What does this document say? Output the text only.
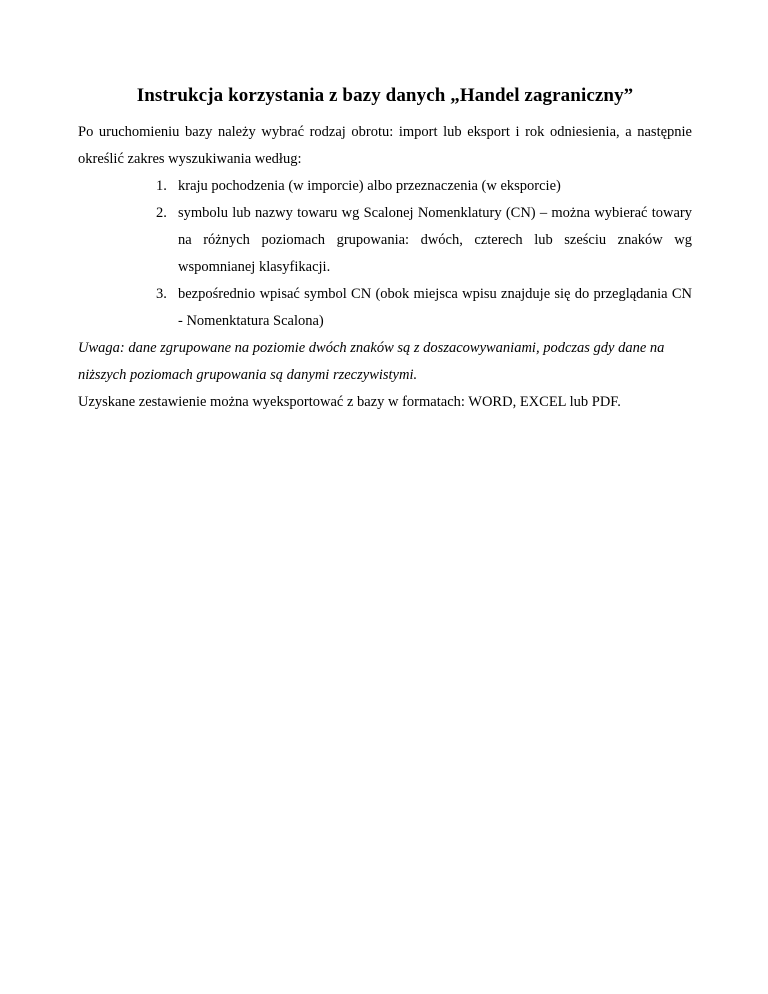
Instrukcja korzystania z bazy danych „Handel zagraniczny”

Po uruchomieniu bazy należy wybrać rodzaj obrotu: import lub eksport i rok odniesienia, a następnie określić zakres wyszukiwania według:

1. kraju pochodzenia (w imporcie) albo przeznaczenia (w eksporcie)
2. symbolu lub nazwy towaru wg Scalonej Nomenklatury (CN) – można wybierać towary na różnych poziomach grupowania: dwóch, czterech lub sześciu znaków wg wspomnianej klasyfikacji.
3. bezpośrednio wpisać symbol CN (obok miejsca wpisu znajduje się do przeglądania CN - Nomenktatura Scalona)

Uwaga: dane zgrupowane na poziomie dwóch znaków są z doszacowywaniami, podczas gdy dane na niższych poziomach grupowania są danymi rzeczywistymi.

Uzyskane zestawienie można wyeksportować z bazy w formatach: WORD, EXCEL lub PDF.
